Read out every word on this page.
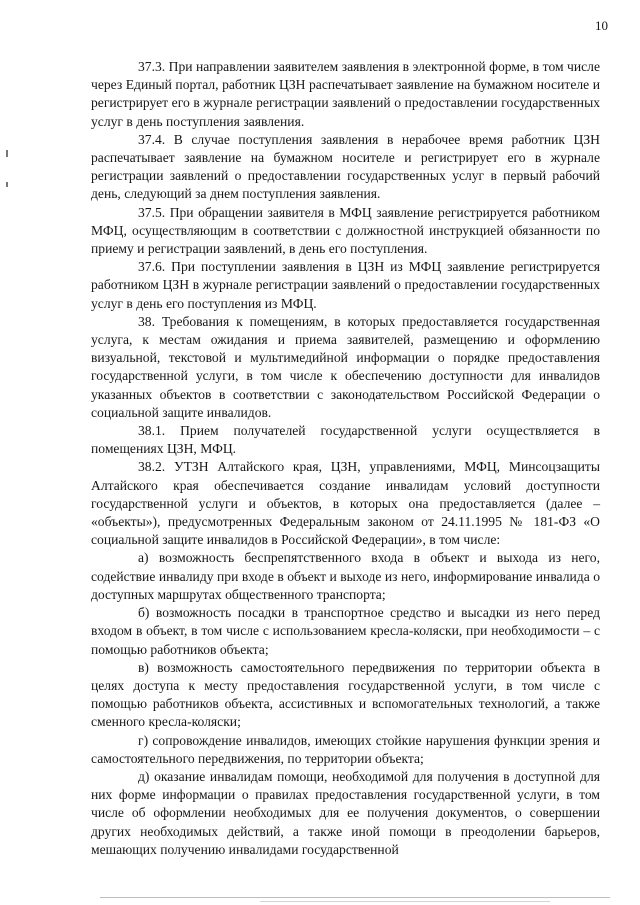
10

37.3. При направлении заявителем заявления в электронной форме, в том числе через Единый портал, работник ЦЗН распечатывает заявление на бумажном носителе и регистрирует его в журнале регистрации заявлений о предоставлении государственных услуг в день поступления заявления.

37.4. В случае поступления заявления в нерабочее время работник ЦЗН распечатывает заявление на бумажном носителе и регистрирует его в журнале регистрации заявлений о предоставлении государственных услуг в первый рабочий день, следующий за днем поступления заявления.

37.5. При обращении заявителя в МФЦ заявление регистрируется работником МФЦ, осуществляющим в соответствии с должностной инструкцией обязанности по приему и регистрации заявлений, в день его поступления.

37.6. При поступлении заявления в ЦЗН из МФЦ заявление регистрируется работником ЦЗН в журнале регистрации заявлений о предоставлении государственных услуг в день его поступления из МФЦ.

38. Требования к помещениям, в которых предоставляется государственная услуга, к местам ожидания и приема заявителей, размещению и оформлению визуальной, текстовой и мультимедийной информации о порядке предоставления государственной услуги, в том числе к обеспечению доступности для инвалидов указанных объектов в соответствии с законодательством Российской Федерации о социальной защите инвалидов.

38.1. Прием получателей государственной услуги осуществляется в помещениях ЦЗН, МФЦ.

38.2. УТЗН Алтайского края, ЦЗН, управлениями, МФЦ, Минсоцзащиты Алтайского края обеспечивается создание инвалидам условий доступности государственной услуги и объектов, в которых она предоставляется (далее – «объекты»), предусмотренных Федеральным законом от 24.11.1995 № 181-ФЗ «О социальной защите инвалидов в Российской Федерации», в том числе:

а) возможность беспрепятственного входа в объект и выхода из него, содействие инвалиду при входе в объект и выходе из него, информирование инвалида о доступных маршрутах общественного транспорта;

б) возможность посадки в транспортное средство и высадки из него перед входом в объект, в том числе с использованием кресла-коляски, при необходимости – с помощью работников объекта;

в) возможность самостоятельного передвижения по территории объекта в целях доступа к месту предоставления государственной услуги, в том числе с помощью работников объекта, ассистивных и вспомогательных технологий, а также сменного кресла-коляски;

г) сопровождение инвалидов, имеющих стойкие нарушения функции зрения и самостоятельного передвижения, по территории объекта;

д) оказание инвалидам помощи, необходимой для получения в доступной для них форме информации о правилах предоставления государственной услуги, в том числе об оформлении необходимых для ее получения документов, о совершении других необходимых действий, а также иной помощи в преодолении барьеров, мешающих получению инвалидами государственной
